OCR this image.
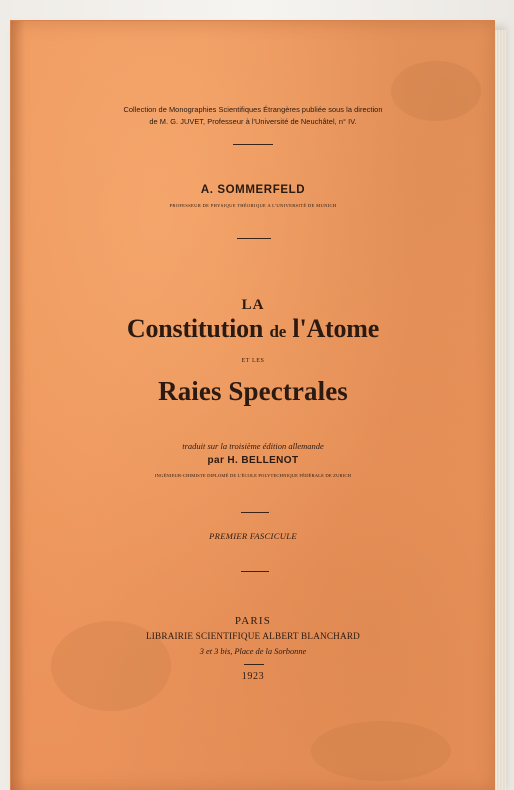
Collection de Monographies Scientifiques Étrangères publiée sous la direction
de M. G. JUVET, Professeur à l'Université de Neuchâtel, n° IV.
A. SOMMERFELD
PROFESSEUR DE PHYSIQUE THÉORIQUE A L'UNIVERSITÉ DE MUNICH
LA
Constitution de l'Atome
ET LES
Raies Spectrales
traduit sur la troisième édition allemande
par H. BELLENOT
INGÉNIEUR-CHIMISTE DIPLOMÉ DE L'ÉCOLE POLYTECHNIQUE FÉDÉRALE DE ZURICH
PREMIER FASCICULE
PARIS
LIBRAIRIE SCIENTIFIQUE ALBERT BLANCHARD
3 et 3 bis, Place de la Sorbonne
1923
